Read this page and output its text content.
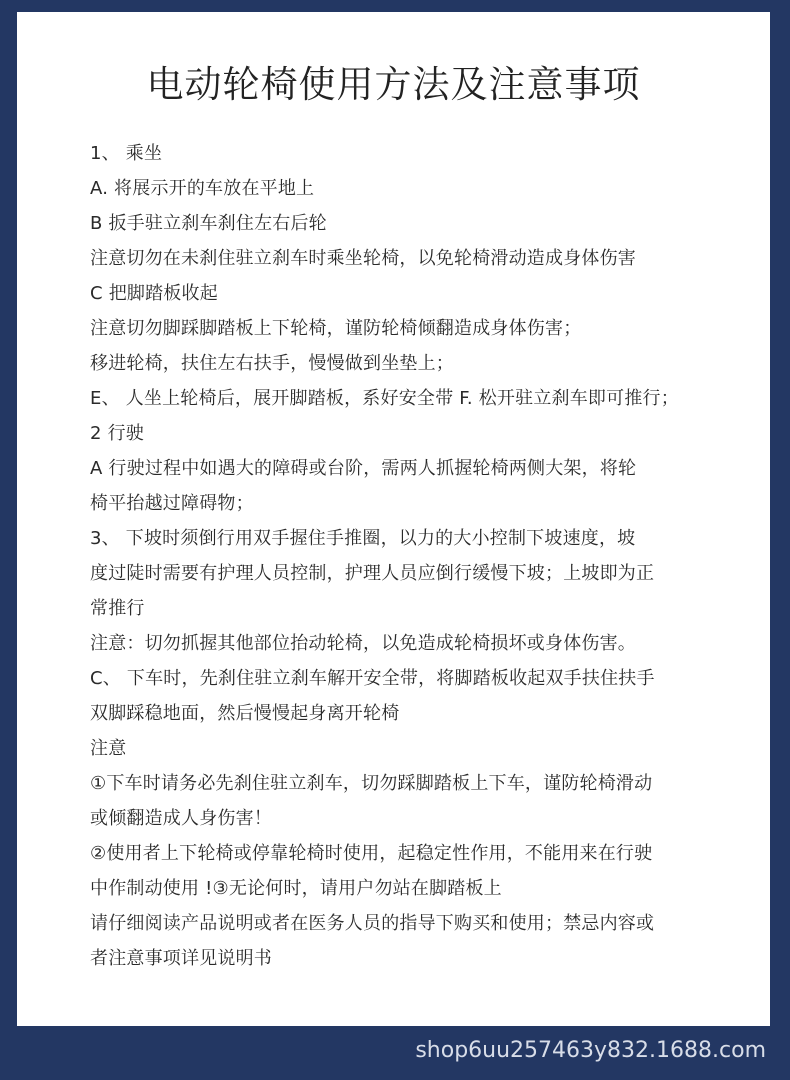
电动轮椅使用方法及注意事项
1、 乘坐
A. 将展示开的车放在平地上
B 扳手驻立刹车刹住左右后轮
注意切勿在未刹住驻立刹车时乘坐轮椅，以免轮椅滑动造成身体伤害
C 把脚踏板收起
注意切勿脚踩脚踏板上下轮椅，谨防轮椅倾翻造成身体伤害；
移进轮椅，扶住左右扶手，慢慢做到坐垫上；
E、 人坐上轮椅后，展开脚踏板，系好安全带 F. 松开驻立刹车即可推行；
2 行驶
A 行驶过程中如遇大的障碍或台阶，需两人抓握轮椅两侧大架，将轮
椅平抬越过障碍物；
3、 下坡时须倒行用双手握住手推圈，以力的大小控制下坡速度，坡
度过陡时需要有护理人员控制，护理人员应倒行缓慢下坡；上坡即为正
常推行
注意：切勿抓握其他部位抬动轮椅，以免造成轮椅损坏或身体伤害。
C、 下车时，先刹住驻立刹车解开安全带，将脚踏板收起双手扶住扶手
双脚踩稳地面，然后慢慢起身离开轮椅
注意
①下车时请务必先刹住驻立刹车，切勿踩脚踏板上下车，谨防轮椅滑动
或倾翻造成人身伤害！
②使用者上下轮椅或停靠轮椅时使用，起稳定性作用，不能用来在行驶
中作制动使用 !③无论何时，请用户勿站在脚踏板上
请仔细阅读产品说明或者在医务人员的指导下购买和使用；禁忌内容或
者注意事项详见说明书
shop6uu257463y832.1688.com
